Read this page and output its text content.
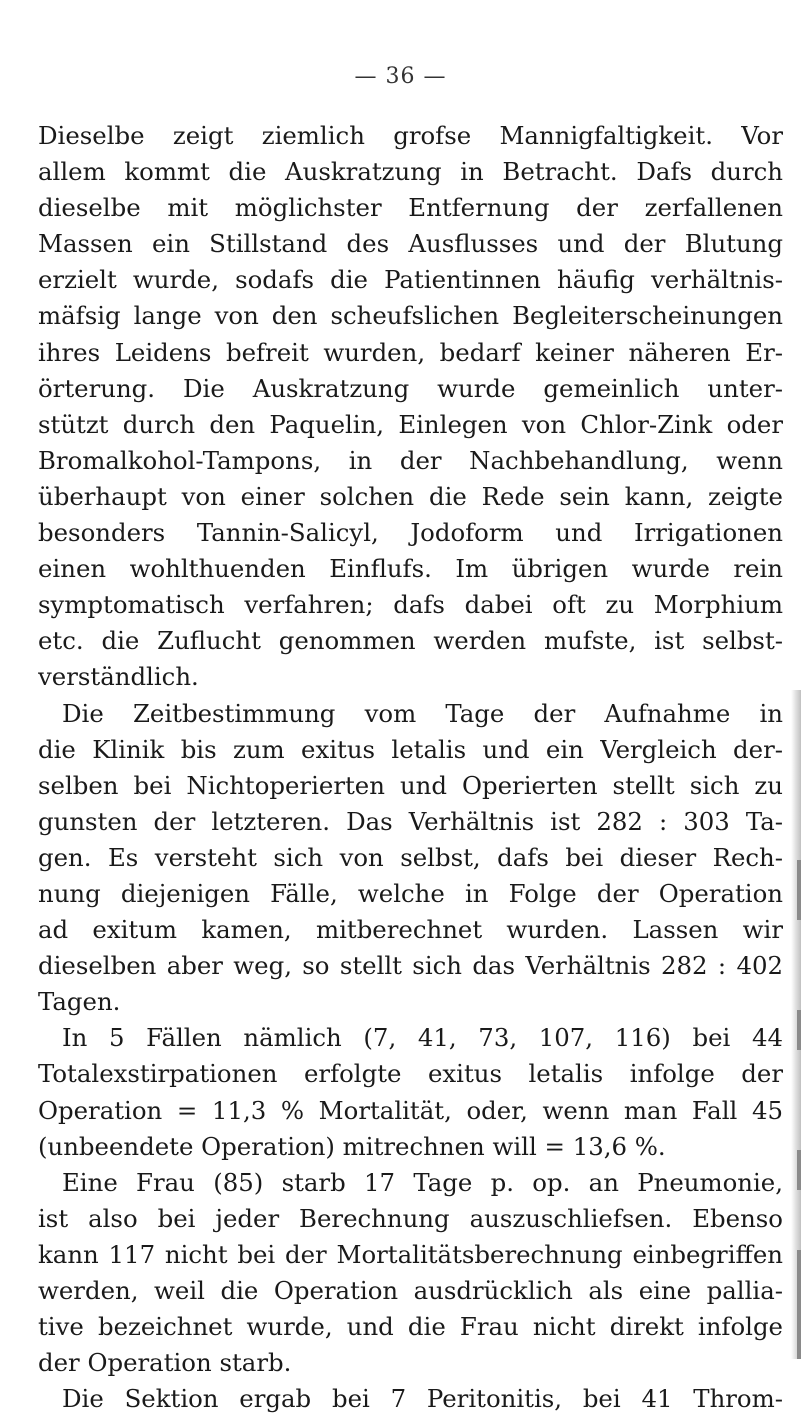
— 36 —
Dieselbe zeigt ziemlich grofse Mannigfaltigkeit. Vor
allem kommt die Auskratzung in Betracht. Dafs durch
dieselbe mit möglichster Entfernung der zerfallenen
Massen ein Stillstand des Ausflusses und der Blutung
erzielt wurde, sodafs die Patientinnen häufig verhältnis-
mäfsig lange von den scheufslichen Begleiterscheinungen
ihres Leidens befreit wurden, bedarf keiner näheren Er-
örterung. Die Auskratzung wurde gemeinlich unter-
stützt durch den Paquelin, Einlegen von Chlor-Zink oder
Bromalkohol-Tampons, in der Nachbehandlung, wenn
überhaupt von einer solchen die Rede sein kann, zeigte
besonders Tannin-Salicyl, Jodoform und Irrigationen
einen wohlthuenden Einflufs. Im übrigen wurde rein
symptomatisch verfahren; dafs dabei oft zu Morphium
etc. die Zuflucht genommen werden mufste, ist selbst-
verständlich.
Die Zeitbestimmung vom Tage der Aufnahme in
die Klinik bis zum exitus letalis und ein Vergleich der-
selben bei Nichtoperierten und Operierten stellt sich zu
gunsten der letzteren. Das Verhältnis ist 282 : 303 Ta-
gen. Es versteht sich von selbst, dafs bei dieser Rech-
nung diejenigen Fälle, welche in Folge der Operation
ad exitum kamen, mitberechnet wurden. Lassen wir
dieselben aber weg, so stellt sich das Verhältnis 282 : 402
Tagen.
In 5 Fällen nämlich (7, 41, 73, 107, 116) bei 44
Totalexstirpationen erfolgte exitus letalis infolge der
Operation = 11,3 % Mortalität, oder, wenn man Fall 45
(unbeendete Operation) mitrechnen will = 13,6 %.
Eine Frau (85) starb 17 Tage p. op. an Pneumonie,
ist also bei jeder Berechnung auszuschliefsen. Ebenso
kann 117 nicht bei der Mortalitätsberechnung einbegriffen
werden, weil die Operation ausdrücklich als eine pallia-
tive bezeichnet wurde, und die Frau nicht direkt infolge
der Operation starb.
Die Sektion ergab bei 7 Peritonitis, bei 41 Throm-
